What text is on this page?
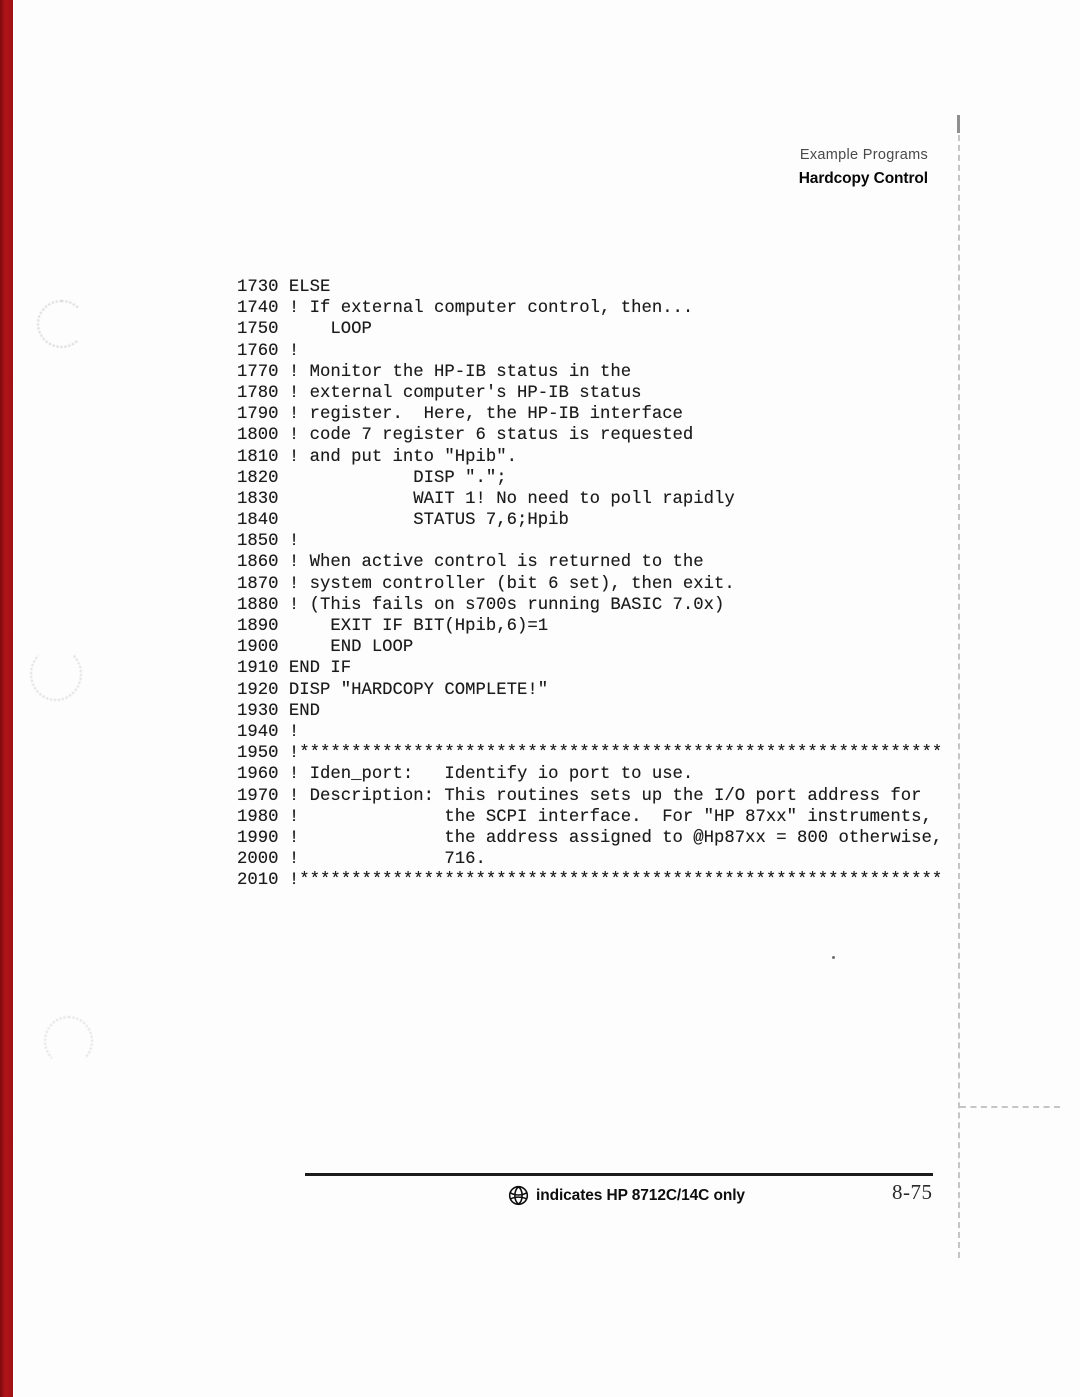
Example Programs
Hardcopy Control
1730 ELSE
1740 ! If external computer control, then...
1750     LOOP
1760 !
1770 ! Monitor the HP-IB status in the
1780 ! external computer's HP-IB status
1790 ! register.  Here, the HP-IB interface
1800 ! code 7 register 6 status is requested
1810 ! and put into "Hpib".
1820             DISP ".";
1830             WAIT 1! No need to poll rapidly
1840             STATUS 7,6;Hpib
1850 !
1860 ! When active control is returned to the
1870 ! system controller (bit 6 set), then exit.
1880 ! (This fails on s700s running BASIC 7.0x)
1890     EXIT IF BIT(Hpib,6)=1
1900     END LOOP
1910 END IF
1920 DISP "HARDCOPY COMPLETE!"
1930 END
1940 !
1950 !**************************************************************
1960 ! Iden_port:   Identify io port to use.
1970 ! Description: This routines sets up the I/O port address for
1980 !              the SCPI interface.  For "HP 87xx" instruments,
1990 !              the address assigned to @Hp87xx = 800 otherwise,
2000 !              716.
2010 !**************************************************************
indicates HP 8712C/14C only	8-75
